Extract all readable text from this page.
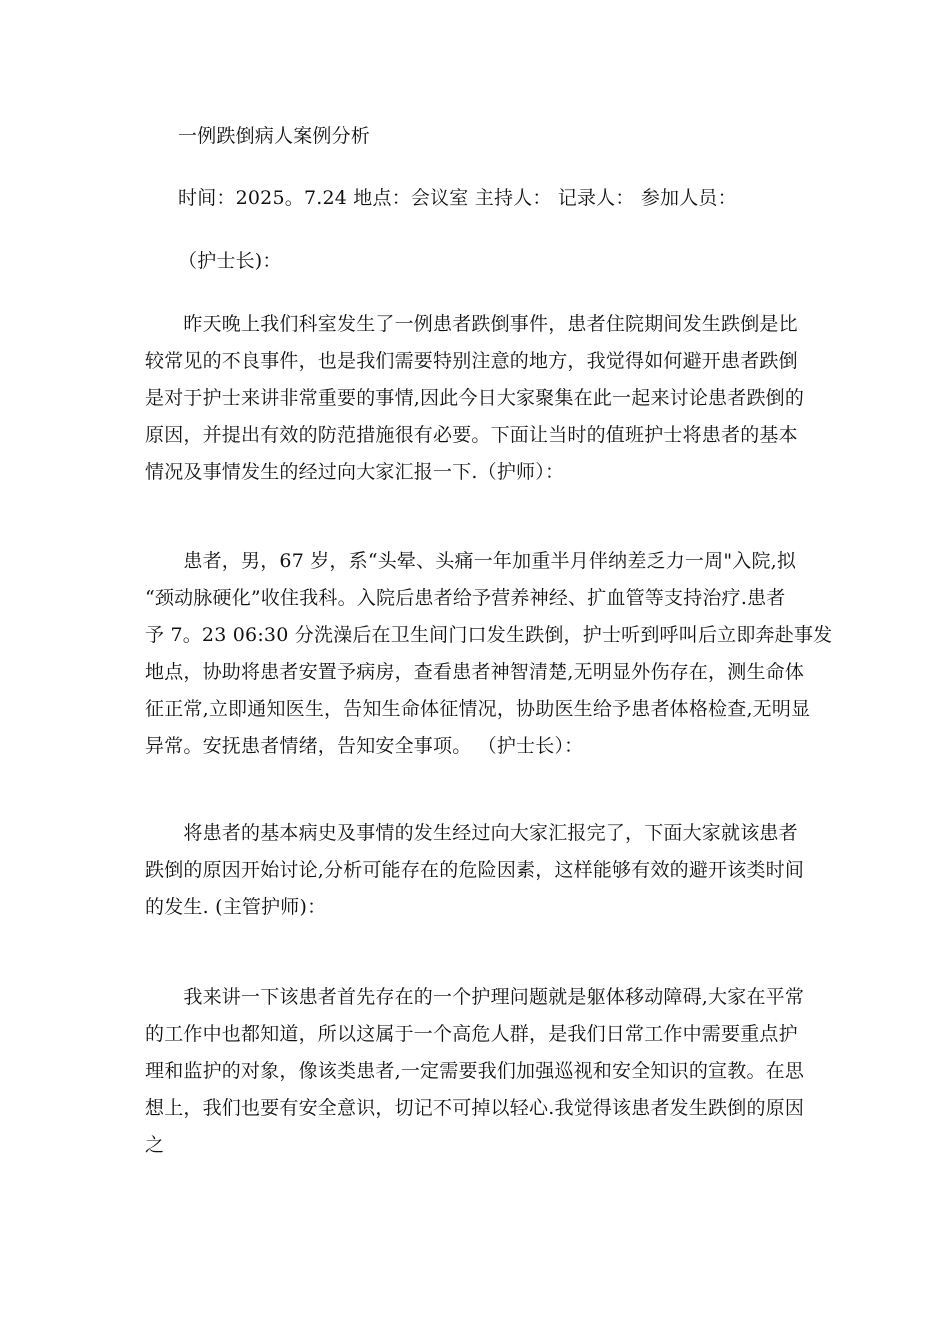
一例跌倒病人案例分析
时间：2025。7.24 地点：会议室 主持人： 记录人： 参加人员：
（护士长)：
　　昨天晚上我们科室发生了一例患者跌倒事件，患者住院期间发生跌倒是比
较常见的不良事件，也是我们需要特别注意的地方，我觉得如何避开患者跌倒
是对于护士来讲非常重要的事情,因此今日大家聚集在此一起来讨论患者跌倒的
原因，并提出有效的防范措施很有必要。下面让当时的值班护士将患者的基本
情况及事情发生的经过向大家汇报一下.（护师）：
　　患者，男，67 岁，系“头晕、头痛一年加重半月伴纳差乏力一周"入院,拟
“颈动脉硬化”收住我科。入院后患者给予营养神经、扩血管等支持治疗.患者
予 7。23 06:30 分洗澡后在卫生间门口发生跌倒，护士听到呼叫后立即奔赴事发
地点，协助将患者安置予病房，查看患者神智清楚,无明显外伤存在，测生命体
征正常,立即通知医生，告知生命体征情况，协助医生给予患者体格检查,无明显
异常。安抚患者情绪，告知安全事项。 （护士长）：
　　将患者的基本病史及事情的发生经过向大家汇报完了，下面大家就该患者
跌倒的原因开始讨论,分析可能存在的危险因素，这样能够有效的避开该类时间
的发生. (主管护师)：
　　我来讲一下该患者首先存在的一个护理问题就是躯体移动障碍,大家在平常
的工作中也都知道，所以这属于一个高危人群，是我们日常工作中需要重点护
理和监护的对象，像该类患者,一定需要我们加强巡视和安全知识的宣教。在思
想上，我们也要有安全意识，切记不可掉以轻心.我觉得该患者发生跌倒的原因
之
